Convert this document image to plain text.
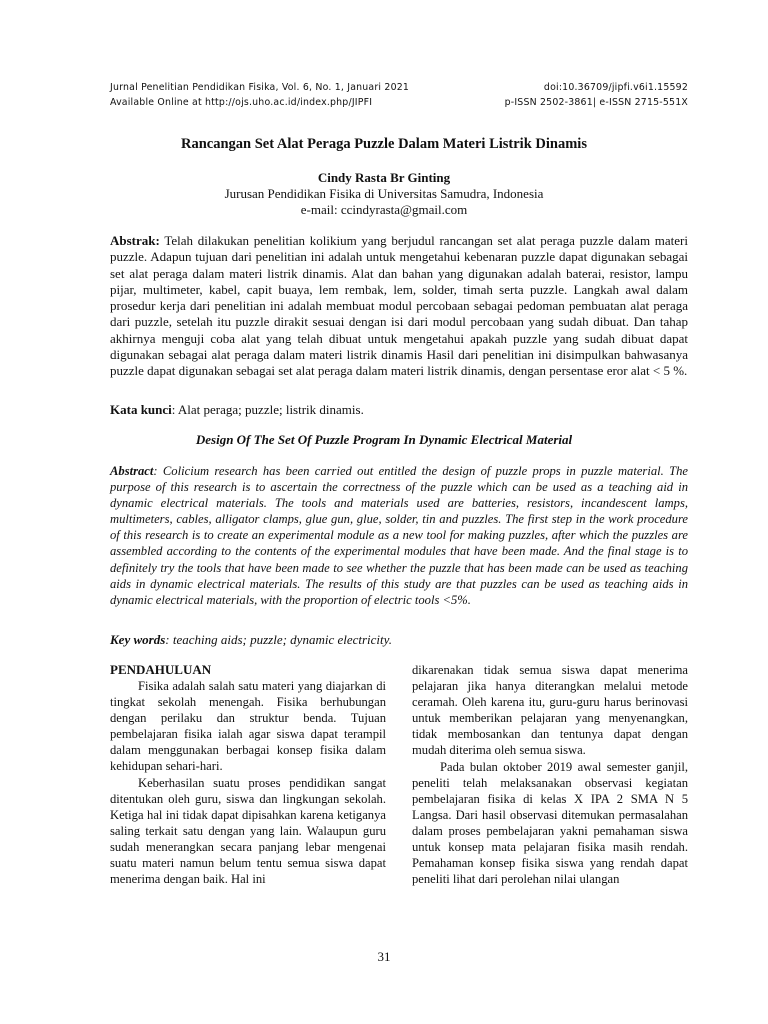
Jurnal Penelitian Pendidikan Fisika, Vol. 6, No. 1, Januari 2021	doi:10.36709/jipfi.v6i1.15592
Available Online at http://ojs.uho.ac.id/index.php/JIPFI	p-ISSN 2502-3861| e-ISSN 2715-551X
Rancangan Set Alat Peraga Puzzle Dalam Materi Listrik Dinamis
Cindy Rasta Br Ginting
Jurusan Pendidikan Fisika di Universitas Samudra, Indonesia
e-mail: ccindyrasta@gmail.com
Abstrak: Telah dilakukan penelitian kolikium yang berjudul rancangan set alat peraga puzzle dalam materi puzzle. Adapun tujuan dari penelitian ini adalah untuk mengetahui kebenaran puzzle dapat digunakan sebagai set alat peraga dalam materi listrik dinamis. Alat dan bahan yang digunakan adalah baterai, resistor, lampu pijar, multimeter, kabel, capit buaya, lem rembak, lem, solder, timah serta puzzle. Langkah awal dalam prosedur kerja dari penelitian ini adalah membuat modul percobaan sebagai pedoman pembuatan alat peraga dari puzzle, setelah itu puzzle dirakit sesuai dengan isi dari modul percobaan yang sudah dibuat. Dan tahap akhirnya menguji coba alat yang telah dibuat untuk mengetahui apakah puzzle yang sudah dibuat dapat digunakan sebagai alat peraga dalam materi listrik dinamis Hasil dari penelitian ini disimpulkan bahwasanya puzzle dapat digunakan sebagai set alat peraga dalam materi listrik dinamis, dengan persentase eror alat < 5 %.
Kata kunci: Alat peraga; puzzle; listrik dinamis.
Design Of The Set Of Puzzle Program In Dynamic Electrical Material
Abstract: Colicium research has been carried out entitled the design of puzzle props in puzzle material. The purpose of this research is to ascertain the correctness of the puzzle which can be used as a teaching aid in dynamic electrical materials. The tools and materials used are batteries, resistors, incandescent lamps, multimeters, cables, alligator clamps, glue gun, glue, solder, tin and puzzles. The first step in the work procedure of this research is to create an experimental module as a new tool for making puzzles, after which the puzzles are assembled according to the contents of the experimental modules that have been made. And the final stage is to definitely try the tools that have been made to see whether the puzzle that has been made can be used as teaching aids in dynamic electrical materials. The results of this study are that puzzles can be used as teaching aids in dynamic electrical materials, with the proportion of electric tools <5%.
Key words: teaching aids; puzzle; dynamic electricity.
PENDAHULUAN

Fisika adalah salah satu materi yang diajarkan di tingkat sekolah menengah. Fisika berhubungan dengan perilaku dan struktur benda. Tujuan pembelajaran fisika ialah agar siswa dapat terampil dalam menggunakan berbagai konsep fisika dalam kehidupan sehari-hari.

Keberhasilan suatu proses pendidikan sangat ditentukan oleh guru, siswa dan lingkungan sekolah. Ketiga hal ini tidak dapat dipisahkan karena ketiganya saling terkait satu dengan yang lain. Walaupun guru sudah menerangkan secara panjang lebar mengenai suatu materi namun belum tentu semua siswa dapat menerima dengan baik. Hal ini

dikarenakan tidak semua siswa dapat menerima pelajaran jika hanya diterangkan melalui metode ceramah. Oleh karena itu, guru-guru harus berinovasi untuk memberikan pelajaran yang menyenangkan, tidak membosankan dan tentunya dapat dengan mudah diterima oleh semua siswa.

Pada bulan oktober 2019 awal semester ganjil, peneliti telah melaksanakan observasi kegiatan pembelajaran fisika di kelas X IPA 2 SMA N 5 Langsa. Dari hasil observasi ditemukan permasalahan dalam proses pembelajaran yakni pemahaman siswa untuk konsep mata pelajaran fisika masih rendah. Pemahaman konsep fisika siswa yang rendah dapat peneliti lihat dari perolehan nilai ulangan

31
